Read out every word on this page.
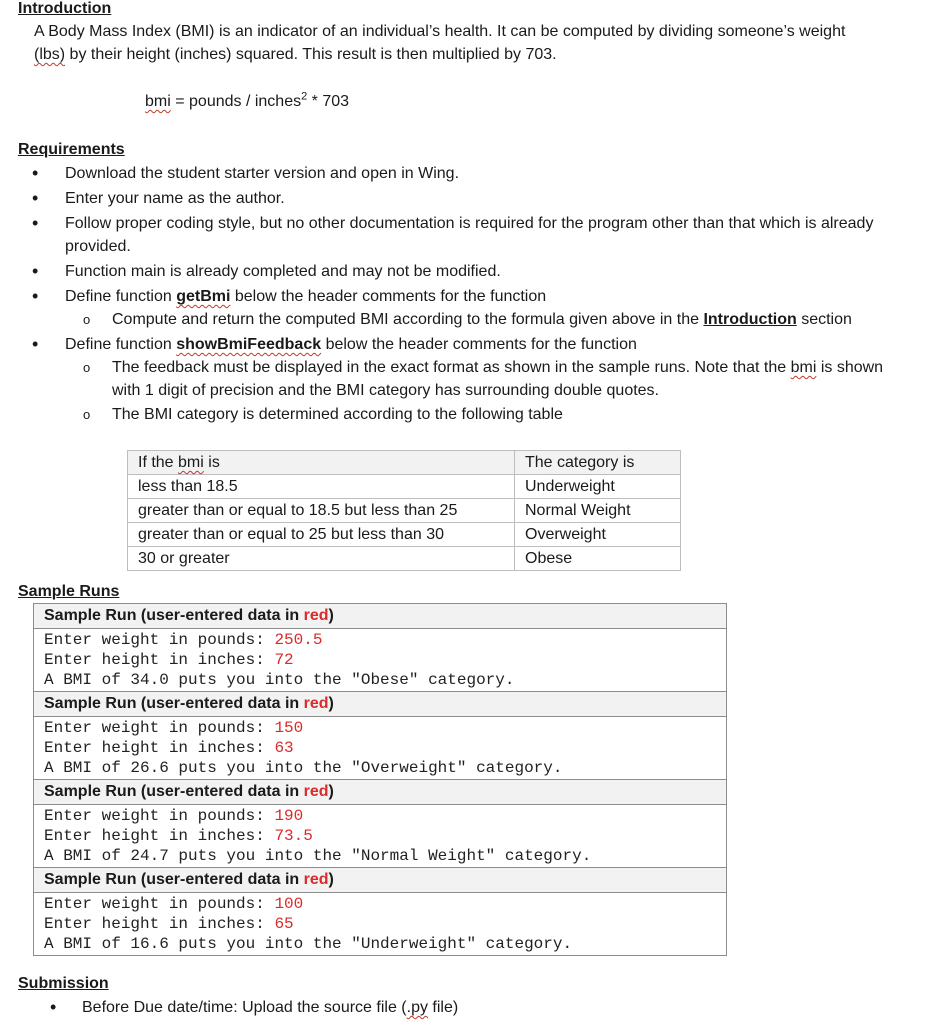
Introduction
A Body Mass Index (BMI) is an indicator of an individual’s health. It can be computed by dividing someone’s weight
(lbs) by their height (inches) squared. This result is then multiplied by 703.
bmi = pounds / inches$^2$ * 703
Requirements
• Download the student starter version and open in Wing.
• Enter your name as the author.
• Follow proper coding style, but no other documentation is required for the program other than that which is already provided.
• Function main is already completed and may not be modified.
• Define function getBmi below the header comments for the function
o Compute and return the computed BMI according to the formula given above in the Introduction section
• Define function showBmiFeedback below the header comments for the function
o The feedback must be displayed in the exact format as shown in the sample runs. Note that the bmi is shown with 1 digit of precision and the BMI category has surrounding double quotes.
o The BMI category is determined according to the following table
If the bmi is	The category is
less than 18.5	Underweight
greater than or equal to 18.5 but less than 25	Normal Weight
greater than or equal to 25 but less than 30	Overweight
30 or greater	Obese
Sample Runs
Sample Run (user-entered data in red)
Enter weight in pounds: 250.5
Enter height in inches: 72
A BMI of 34.0 puts you into the "Obese" category.
Sample Run (user-entered data in red)
Enter weight in pounds: 150
Enter height in inches: 63
A BMI of 26.6 puts you into the "Overweight" category.
Sample Run (user-entered data in red)
Enter weight in pounds: 190
Enter height in inches: 73.5
A BMI of 24.7 puts you into the "Normal Weight" category.
Sample Run (user-entered data in red)
Enter weight in pounds: 100
Enter height in inches: 65
A BMI of 16.6 puts you into the "Underweight" category.
Submission
• Before Due date/time: Upload the source file (.py file)
